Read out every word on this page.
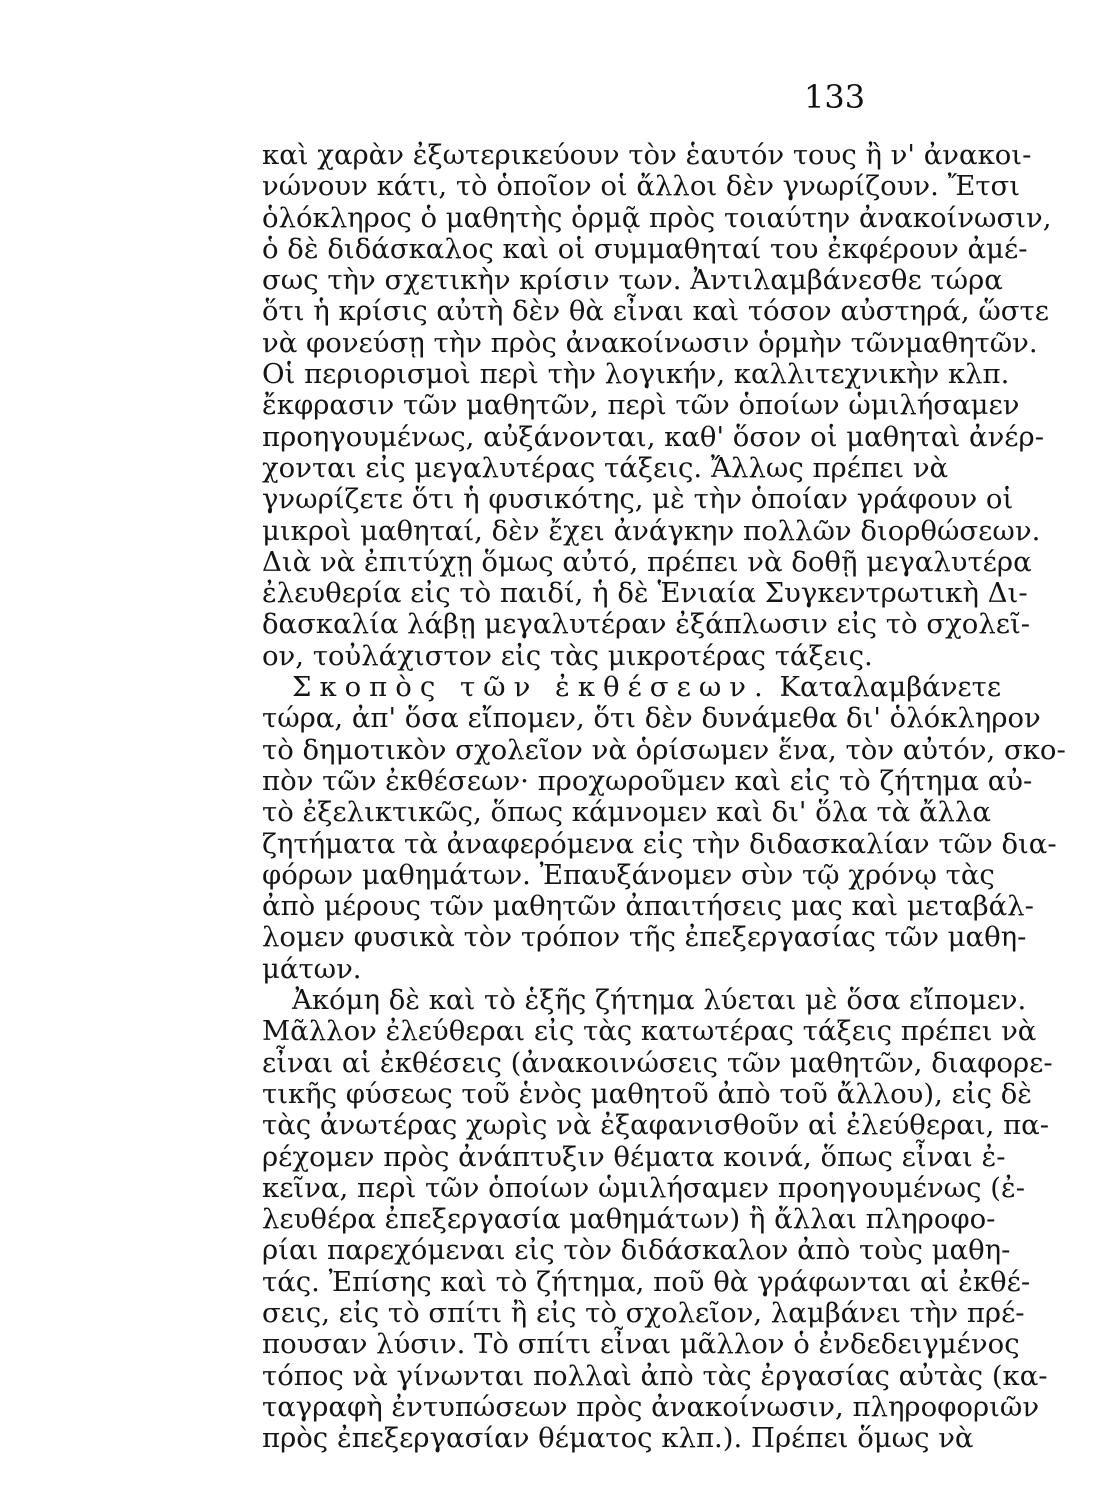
133
καὶ χαρὰν ἐξωτερικεύουν τὸν ἑαυτόν τους ἢ ν' ἀνακοι-
νώνουν κάτι, τὸ ὁποῖον οἱ ἄλλοι δὲν γνωρίζουν. Ἔτσι
ὁλόκληρος ὁ μαθητὴς ὁρμᾷ πρὸς τοιαύτην ἀνακοίνωσιν,
ὁ δὲ διδάσκαλος καὶ οἱ συμμαθηταί του ἐκφέρουν ἀμέ-
σως τὴν σχετικὴν κρίσιν των. Ἀντιλαμβάνεσθε τώρα
ὅτι ἡ κρίσις αὐτὴ δὲν θὰ εἶναι καὶ τόσον αὐστηρά, ὥστε
νὰ φονεύσῃ τὴν πρὸς ἀνακοίνωσιν ὁρμὴν τῶνμαθητῶν.
Οἱ περιορισμοὶ περὶ τὴν λογικήν, καλλιτεχνικὴν κλπ.
ἔκφρασιν τῶν μαθητῶν, περὶ τῶν ὁποίων ὡμιλήσαμεν
προηγουμένως, αὐξάνονται, καθ' ὅσον οἱ μαθηταὶ ἀνέρ-
χονται εἰς μεγαλυτέρας τάξεις. Ἄλλως πρέπει νὰ
γνωρίζετε ὅτι ἡ φυσικότης, μὲ τὴν ὁποίαν γράφουν οἱ
μικροὶ μαθηταί, δὲν ἔχει ἀνάγκην πολλῶν διορθώσεων.
Διὰ νὰ ἐπιτύχῃ ὅμως αὐτό, πρέπει νὰ δοθῇ μεγαλυτέρα
ἐλευθερία εἰς τὸ παιδί, ἡ δὲ Ἑνιαία Συγκεντρωτικὴ Δι-
δασκαλία λάβῃ μεγαλυτέραν ἐξάπλωσιν εἰς τὸ σχολεῖ-
ον, τοὐλάχιστον εἰς τὰς μικροτέρας τάξεις.
Σκοπὸς τῶν ἐκθέσεων. Καταλαμβάνετε
τώρα, ἀπ' ὅσα εἴπομεν, ὅτι δὲν δυνάμεθα δι' ὁλόκληρον
τὸ δημοτικὸν σχολεῖον νὰ ὁρίσωμεν ἕνα, τὸν αὐτόν, σκο-
πὸν τῶν ἐκθέσεων· προχωροῦμεν καὶ εἰς τὸ ζήτημα αὐ-
τὸ ἐξελικτικῶς, ὅπως κάμνομεν καὶ δι' ὅλα τὰ ἄλλα
ζητήματα τὰ ἀναφερόμενα εἰς τὴν διδασκαλίαν τῶν δια-
φόρων μαθημάτων. Ἐπαυξάνομεν σὺν τῷ χρόνῳ τὰς
ἀπὸ μέρους τῶν μαθητῶν ἀπαιτήσεις μας καὶ μεταβάλ-
λομεν φυσικὰ τὸν τρόπον τῆς ἐπεξεργασίας τῶν μαθη-
μάτων.
Ἀκόμη δὲ καὶ τὸ ἑξῆς ζήτημα λύεται μὲ ὅσα εἴπομεν.
Μᾶλλον ἐλεύθεραι εἰς τὰς κατωτέρας τάξεις πρέπει νὰ
εἶναι αἱ ἐκθέσεις (ἀνακοινώσεις τῶν μαθητῶν, διαφορε-
τικῆς φύσεως τοῦ ἑνὸς μαθητοῦ ἀπὸ τοῦ ἄλλου), εἰς δὲ
τὰς ἀνωτέρας χωρὶς νὰ ἐξαφανισθοῦν αἱ ἐλεύθεραι, πα-
ρέχομεν πρὸς ἀνάπτυξιν θέματα κοινά, ὅπως εἶναι ἐ-
κεῖνα, περὶ τῶν ὁποίων ὡμιλήσαμεν προηγουμένως (ἐ-
λευθέρα ἐπεξεργασία μαθημάτων) ἢ ἄλλαι πληροφο-
ρίαι παρεχόμεναι εἰς τὸν διδάσκαλον ἀπὸ τοὺς μαθη-
τάς. Ἐπίσης καὶ τὸ ζήτημα, ποῦ θὰ γράφωνται αἱ ἐκθέ-
σεις, εἰς τὸ σπίτι ἢ εἰς τὸ σχολεῖον, λαμβάνει τὴν πρέ-
πουσαν λύσιν. Τὸ σπίτι εἶναι μᾶλλον ὁ ἐνδεδειγμένος
τόπος νὰ γίνωνται πολλαὶ ἀπὸ τὰς ἐργασίας αὐτὰς (κα-
ταγραφὴ ἐντυπώσεων πρὸς ἀνακοίνωσιν, πληροφοριῶν
πρὸς ἐπεξεργασίαν θέματος κλπ.). Πρέπει ὅμως νὰ
